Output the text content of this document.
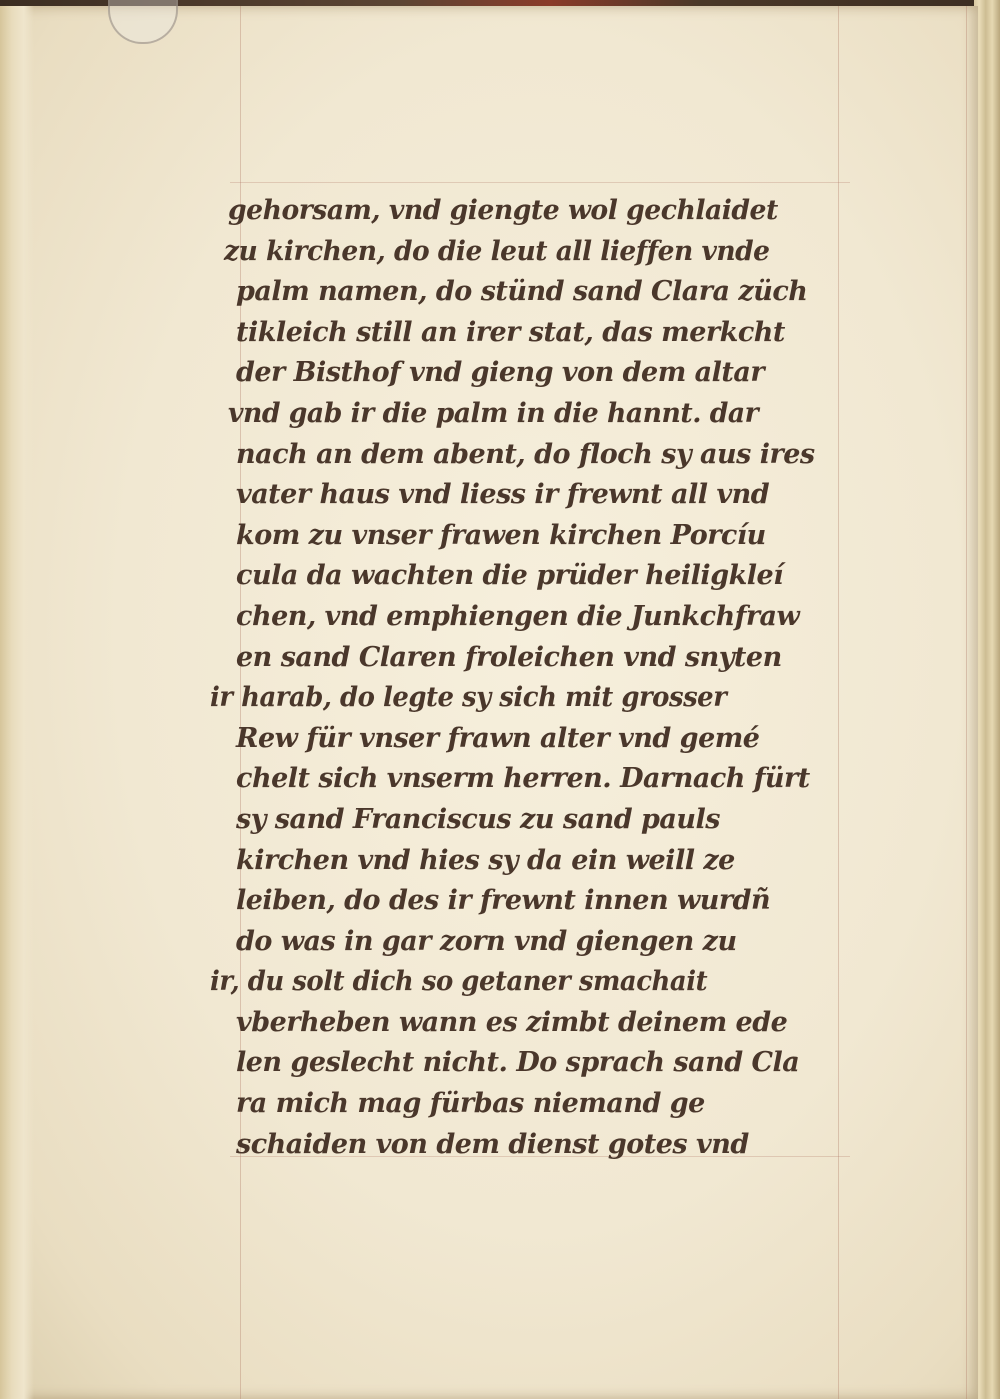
gehorsam, vnd giengte wol gechlaidet
zu kirchen, do die leut all lieffen vnde
palm namen, do stünd sand Clara züch
tikleich still an irer stat, das merkcht
der Bisthof vnd gieng von dem altar
vnd gab ir die palm in die hannt. dar
nach an dem abent, do floch sy aus ires
vater haus vnd liess ir frewnt all vnd
kom zu vnser frawen kirchen Porcíu
cula da wachten die prüder heiligkleí
chen, vnd emphiengen die Junkchfraw
en sand Claren froleichen vnd snyten
ir harab, do legte sy sich mit grosser
Rew für vnser frawn alter vnd gemé
chelt sich vnserm herren. Darnach fürt
sy sand Franciscus zu sand pauls
kirchen vnd hies sy da ein weill ze
leiben, do des ir frewnt innen wurdñ
do was in gar zorn vnd giengen zu
ir, du solt dich so getaner smachait
vberheben wann es zimbt deinem ede
len geslecht nicht. Do sprach sand Cla
ra mich mag fürbas niemand ge
schaiden von dem dienst gotes vnd
